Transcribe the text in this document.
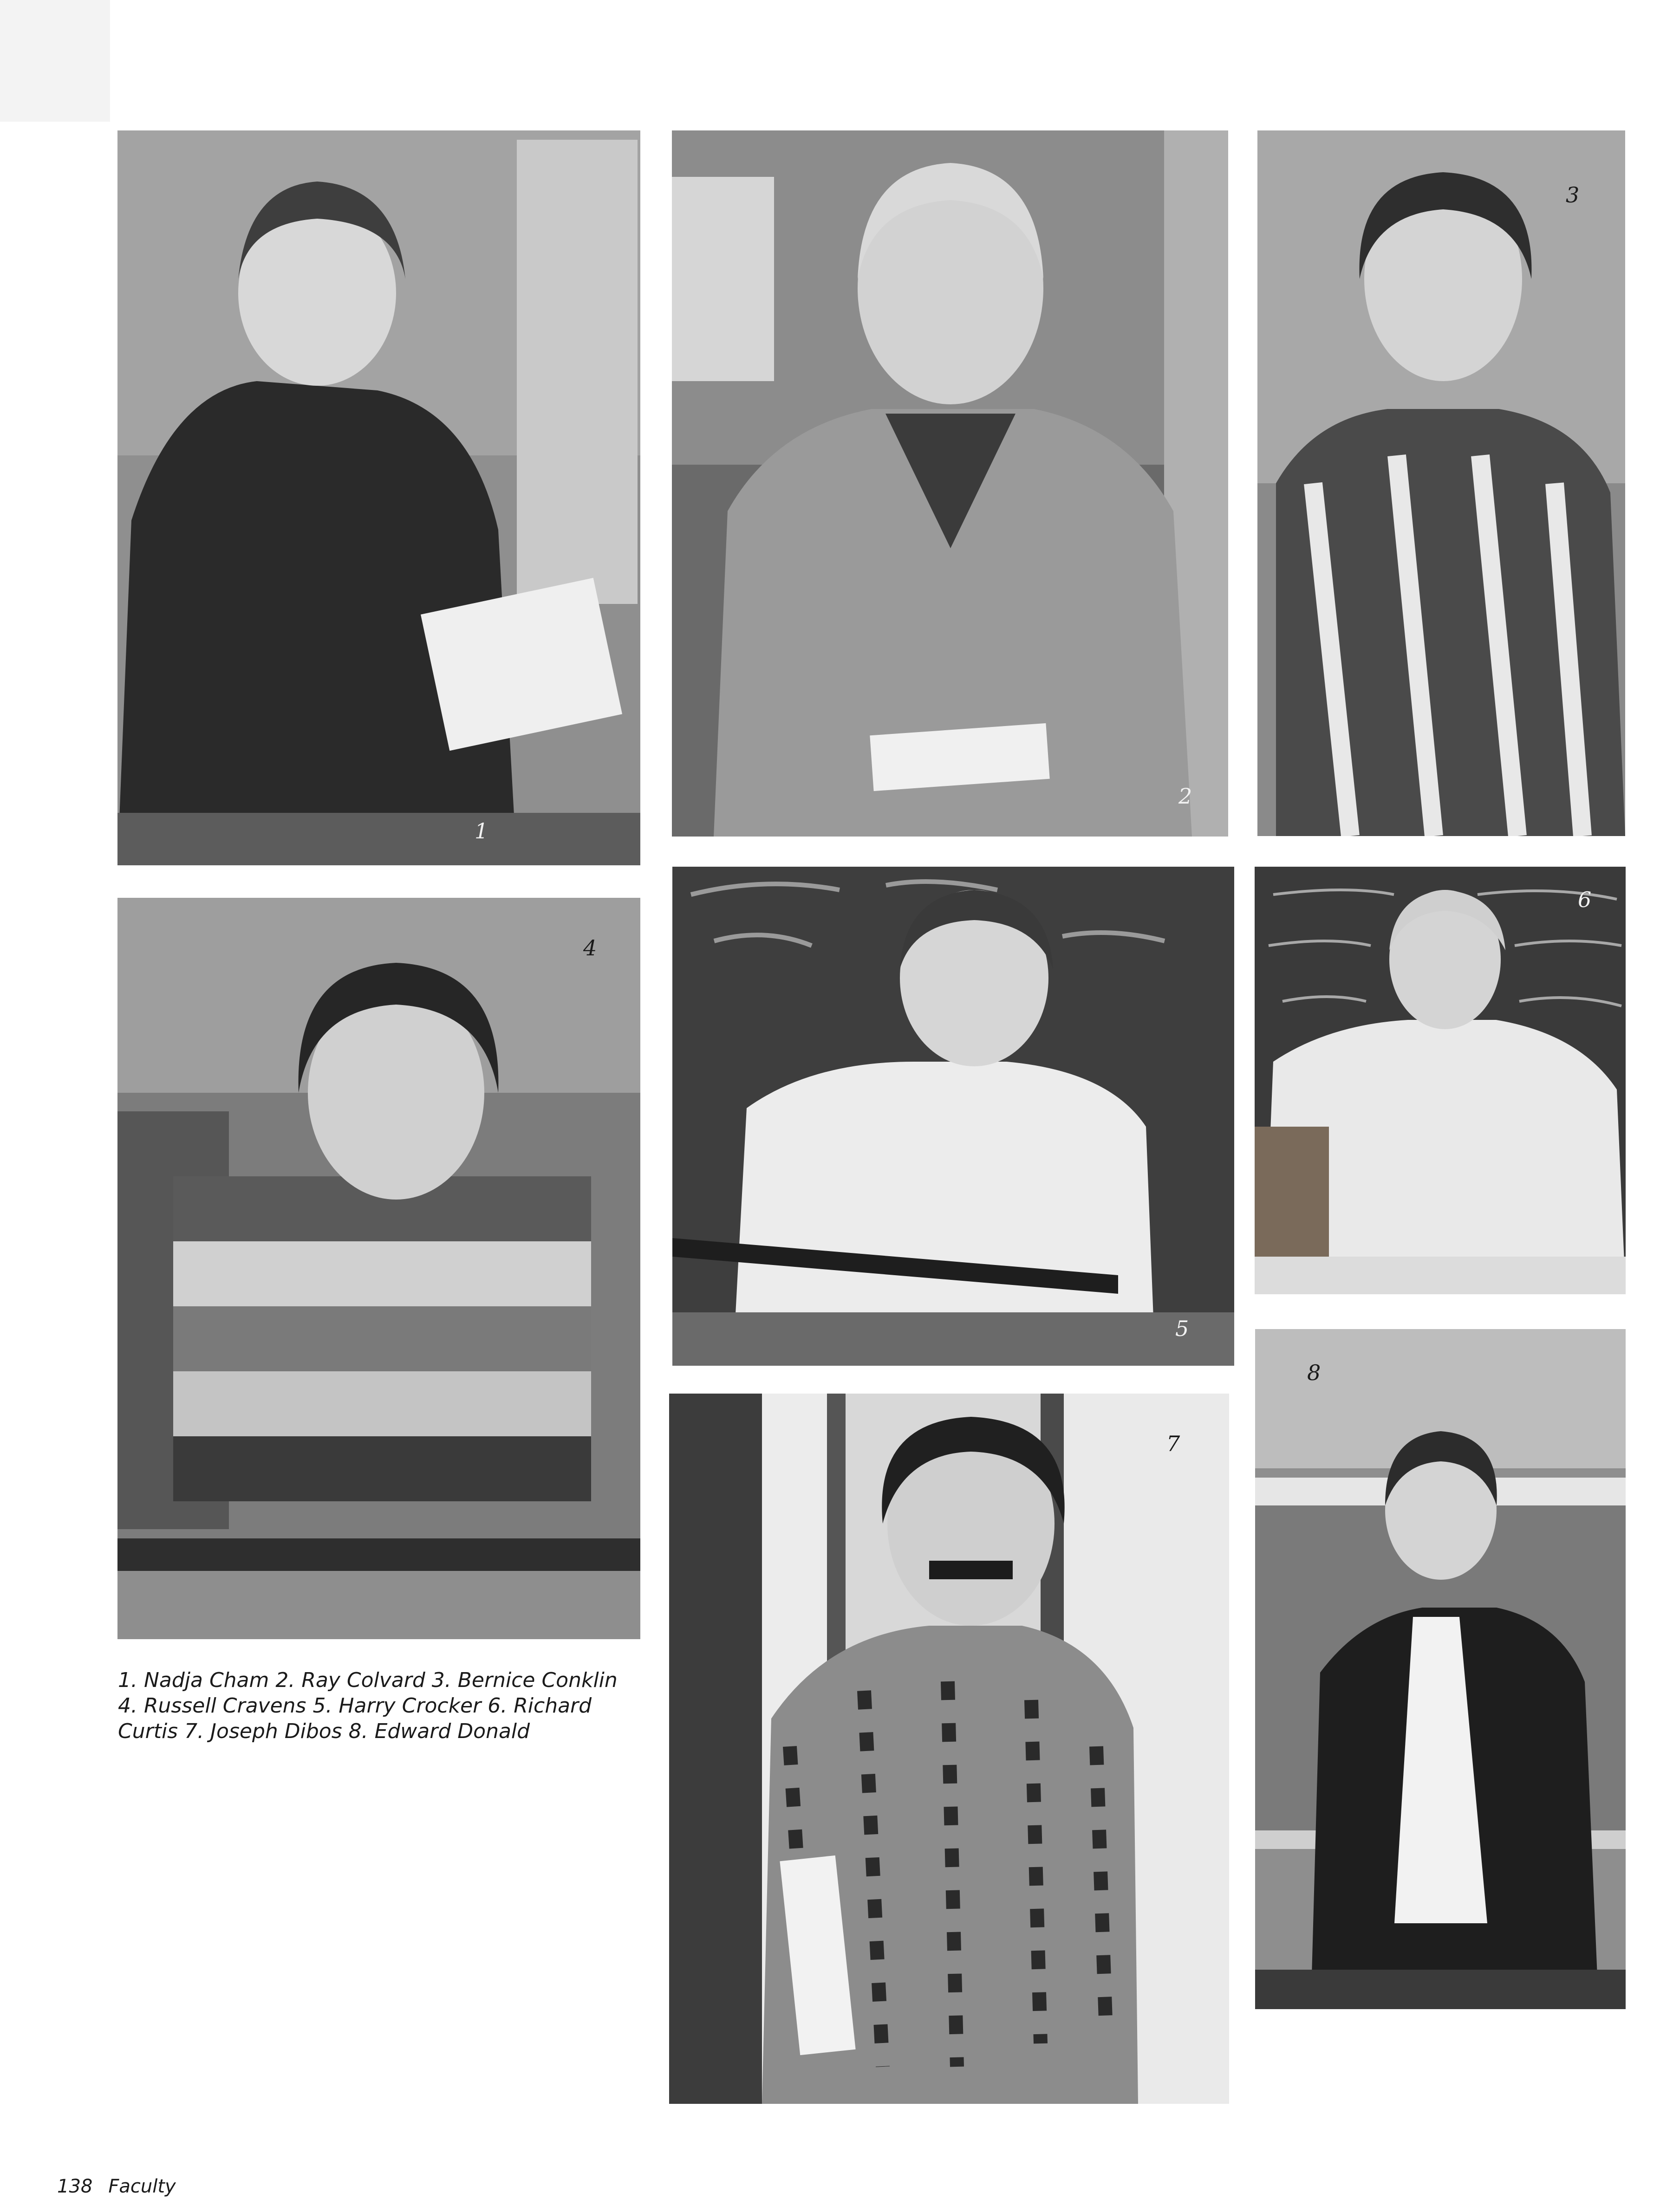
1
2
3
4
5
6
7
8

1. Nadja Cham 2. Ray Colvard 3. Bernice Conklin 4. Russell Cravens 5. Harry Crocker 6. Richard Curtis 7. Joseph Dibos 8. Edward Donald

138 Faculty
